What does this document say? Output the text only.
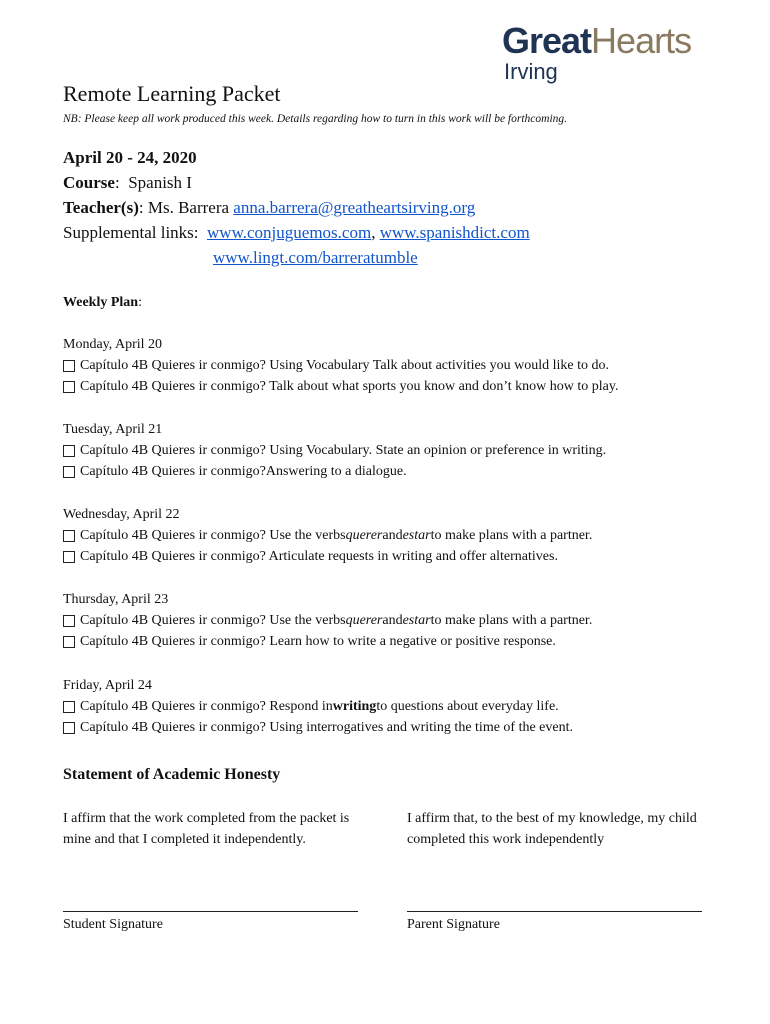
GreatHearts
Irving
Remote Learning Packet
NB: Please keep all work produced this week. Details regarding how to turn in this work will be forthcoming.
April 20 - 24, 2020
Course:  Spanish I
Teacher(s): Ms. Barrera anna.barrera@greatheartsirving.org
Supplemental links: www.conjuguemos.com, www.spanishdict.com
www.lingt.com/barreratumble
Weekly Plan:
Monday, April 20
Capítulo 4B Quieres ir conmigo? Using Vocabulary Talk about activities you would like to do.
Capítulo 4B Quieres ir conmigo? Talk about what sports you know and don’t know how to play.
Tuesday, April 21
Capítulo 4B Quieres ir conmigo? Using Vocabulary. State an opinion or preference in writing.
Capítulo 4B Quieres ir conmigo?Answering to a dialogue.
Wednesday, April 22
Capítulo 4B Quieres ir conmigo? Use the verbs querer and estar to make plans with a partner.
Capítulo 4B Quieres ir conmigo? Articulate requests in writing and offer alternatives.
Thursday, April 23
Capítulo 4B Quieres ir conmigo? Use the verbs querer and estar to make plans with a partner.
Capítulo 4B Quieres ir conmigo? Learn how to write a negative or positive response.
Friday, April 24
Capítulo 4B Quieres ir conmigo? Respond in writing to questions about everyday life.
Capítulo 4B Quieres ir conmigo? Using interrogatives and writing the time of the event.
Statement of Academic Honesty
I affirm that the work completed from the packet is mine and that I completed it independently.
I affirm that, to the best of my knowledge, my child completed this work independently
Student Signature	Parent Signature
